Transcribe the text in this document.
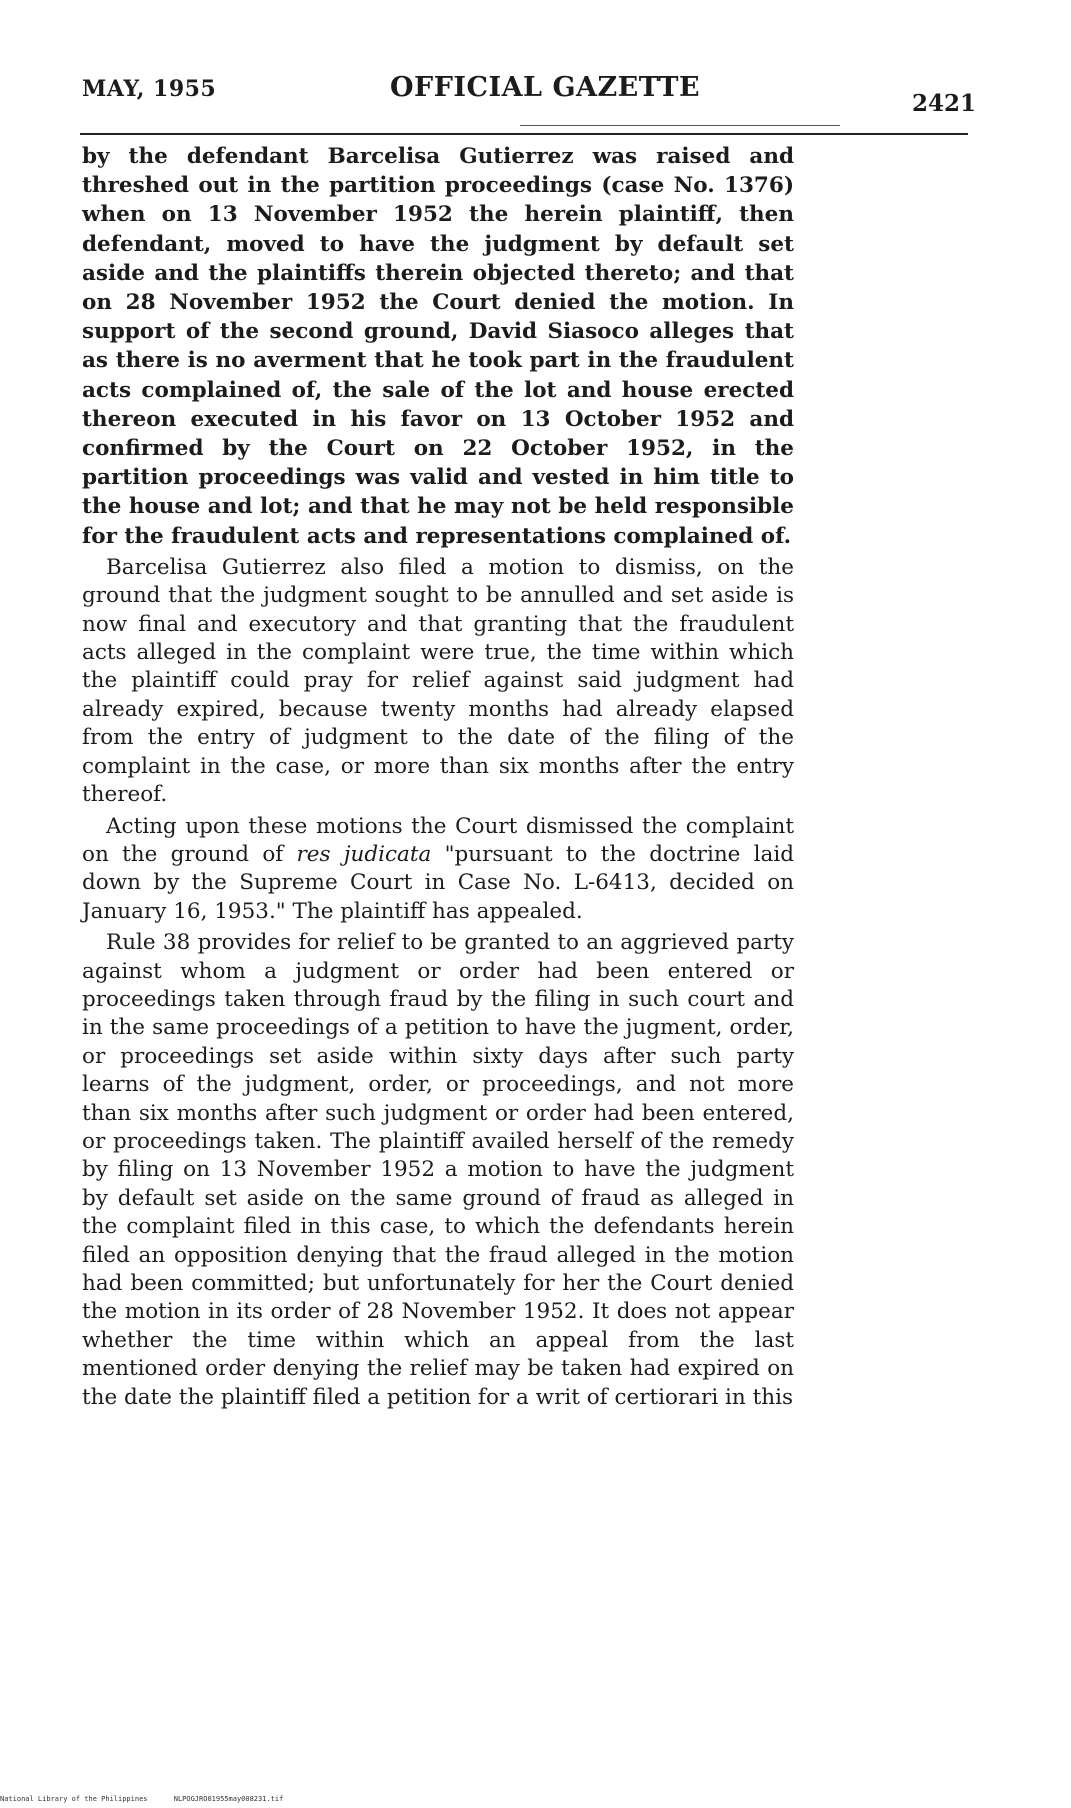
MAY, 1955	OFFICIAL GAZETTE
2421

by the defendant Barcelisa Gutierrez was raised and threshed out in the partition proceedings (case No. 1376) when on 13 November 1952 the herein plaintiff, then defendant, moved to have the judgment by default set aside and the plaintiffs therein objected thereto; and that on 28 November 1952 the Court denied the motion. In support of the second ground, David Siasoco alleges that as there is no averment that he took part in the fraudulent acts complained of, the sale of the lot and house erected thereon executed in his favor on 13 October 1952 and confirmed by the Court on 22 October 1952, in the partition proceedings was valid and vested in him title to the house and lot; and that he may not be held responsible for the fraudulent acts and representations complained of.

Barcelisa Gutierrez also filed a motion to dismiss, on the ground that the judgment sought to be annulled and set aside is now final and executory and that granting that the fraudulent acts alleged in the complaint were true, the time within which the plaintiff could pray for relief against said judgment had already expired, because twenty months had already elapsed from the entry of judgment to the date of the filing of the complaint in the case, or more than six months after the entry thereof.

Acting upon these motions the Court dismissed the complaint on the ground of res judicata "pursuant to the doctrine laid down by the Supreme Court in Case No. L-6413, decided on January 16, 1953." The plaintiff has appealed.

Rule 38 provides for relief to be granted to an aggrieved party against whom a judgment or order had been entered or proceedings taken through fraud by the filing in such court and in the same proceedings of a petition to have the jugment, order, or proceedings set aside within sixty days after such party learns of the judgment, order, or proceedings, and not more than six months after such judgment or order had been entered, or proceedings taken. The plaintiff availed herself of the remedy by filing on 13 November 1952 a motion to have the judgment by default set aside on the same ground of fraud as alleged in the complaint filed in this case, to which the defendants herein filed an opposition denying that the fraud alleged in the motion had been committed; but unfortunately for her the Court denied the motion in its order of 28 November 1952. It does not appear whether the time within which an appeal from the last mentioned order denying the relief may be taken had expired on the date the plaintiff filed a petition for a writ of certiorari in this

National Library of the Philippines	NLPOGJRO01955may008231.tif
